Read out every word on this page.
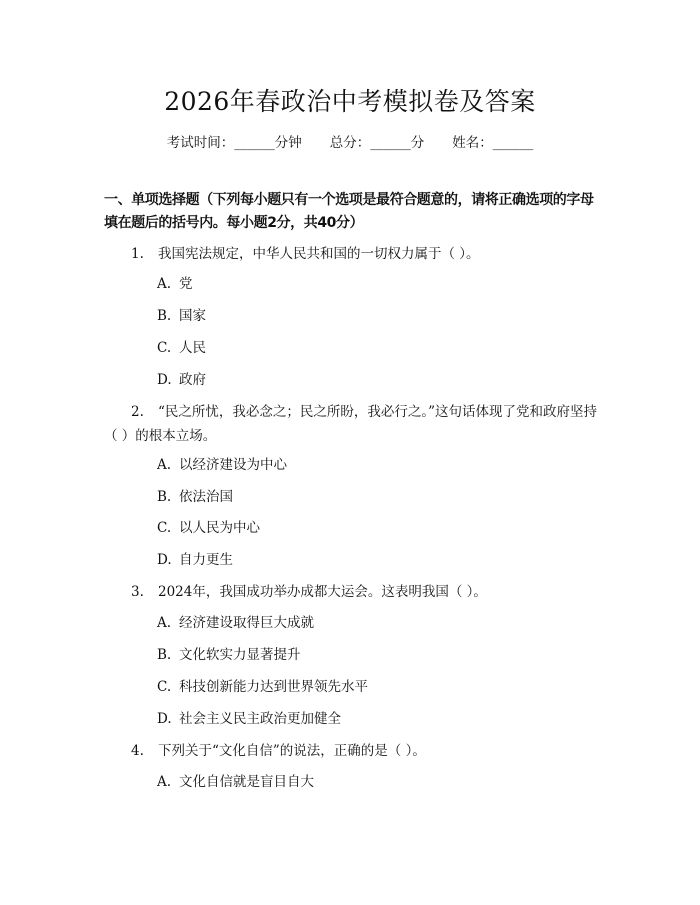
2026年春政治中考模拟卷及答案
考试时间：______分钟 总分：______分 姓名：______
一、单项选择题（下列每小题只有一个选项是最符合题意的，请将正确选项的字母填在题后的括号内。每小题2分，共40分）
1. 我国宪法规定，中华人民共和国的一切权力属于（ ）。
A. 党
B. 国家
C. 人民
D. 政府
2. “民之所忧，我必念之；民之所盼，我必行之。”这句话体现了党和政府坚持（ ）的根本立场。
A. 以经济建设为中心
B. 依法治国
C. 以人民为中心
D. 自力更生
3. 2024年，我国成功举办成都大运会。这表明我国（ ）。
A. 经济建设取得巨大成就
B. 文化软实力显著提升
C. 科技创新能力达到世界领先水平
D. 社会主义民主政治更加健全
4. 下列关于“文化自信”的说法，正确的是（ ）。
A. 文化自信就是盲目自大
